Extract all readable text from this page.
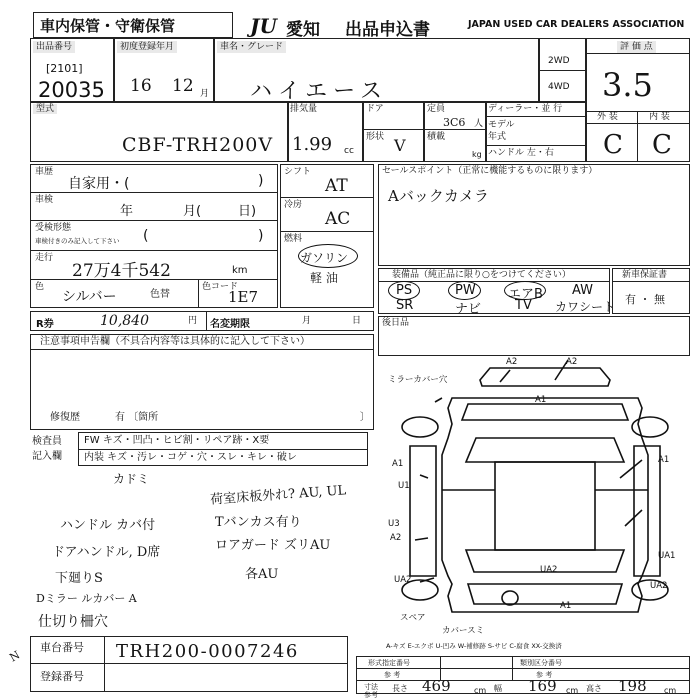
車内保管・守衛保管	JU 愛知 出品申込書	JAPAN USED CAR DEALERS ASSOCIATION
出品番号
[2101]
20035
初度登録年月
16 12 月
車名・グレード
ハイエース
2WD
4WD
評 価 点
3.5
型式
CBF-TRH200V
排気量
1.99 cc
ドア
形状 V
定員
3C6 人
積載
kg
ディーラー・並 行
モデル
年式
ハンドル 左・右
外 装	内 装
C C
車歴
自家用・(	)
車検
年	月(	日)
受検形態
車検付きのみ記入して下さい (	)
走行
27万4千542	km
色
シルバー	色替
色コード
1E7
シフト
AT
冷房
AC
燃料
ガソリン
軽 油
セールスポイント（正常に機能するものに限ります）
Aバックカメラ
装備品（純正品に限り○をつけてください）
PS	PW エアB AW
SR	ナビ	TV カワシート
新車保証書
有 ・ 無
R券	10,840	円 名変期限	月	日 後日品
注意事項申告欄（不具合内容等は具体的に記入して下さい）
修復歴	有 〔箇所	〕
検査員
記入欄
FW キズ・凹凸・ヒビ割・リペア跡・X要
内装 キズ・汚レ・コゲ・穴・スレ・キレ・破レ
カドミ
荷室床板外れ? AU, UL
ハンドル カバ付	Tバンカス有り
ドアハンドル, D席	ロアガード ズリAU
下廻りS	各AU
Dミラー ルカバー A
仕切り柵穴
A2	A2
ミラーカバー穴
A1
A1
U1
U3
A2
UA2
UA2
A1
UA1
A1
スペア
カバースミ
UA2
A-キズ E-エクボ U-凹み W-補修跡 S-サビ C-腐食 XX-交換済
車台番号 TRH200-0007246
登録番号
形式指定番号
参 考
類別区分番号
参 考
寸法
参考
長さ 469	cm 幅 169 cm 高さ 198 cm
N
